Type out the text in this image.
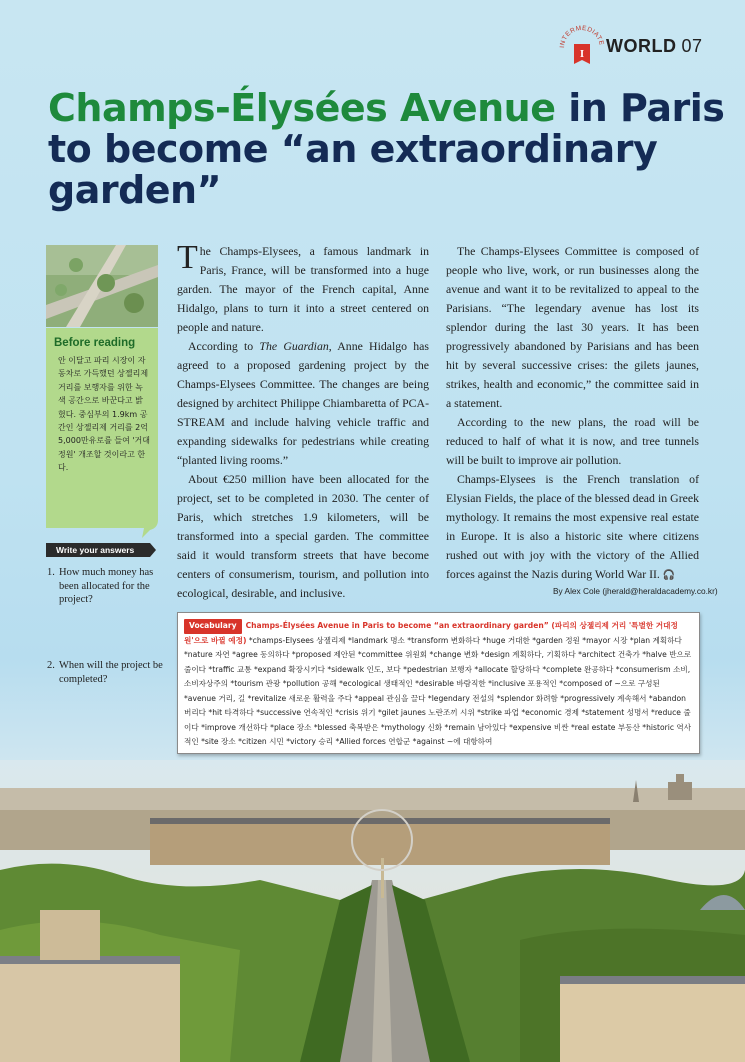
INTERMEDIATE
I WORLD 07
Champs-Élysées Avenue in Paris to become “an extraordinary garden”
Before reading
안 이달고 파리 시장이 자동차로 가득했던 상젤리제 거리를 보행자를 위한 녹색 공간으로 바꾼다고 밝혔다. 중심부의 1.9km 공간인 상젤리제 거리를 2억5,000만유로를 들여 '거대정원' 개조할 것이라고 한다.
Write your answers
1. How much money has been allocated for the project?
2. When will the project be completed?

The Champs-Elysees, a famous landmark in Paris, France, will be transformed into a huge garden. The mayor of the French capital, Anne Hidalgo, plans to turn it into a street centered on people and nature.

According to The Guardian, Anne Hidalgo has agreed to a proposed gardening project by the Champs-Elysees Committee. The changes are being designed by architect Philippe Chiambaretta of PCA-STREAM and include halving vehicle traffic and expanding sidewalks for pedestrians while creating “planted living rooms.”

About €250 million have been allocated for the project, set to be completed in 2030. The center of Paris, which stretches 1.9 kilometers, will be transformed into a special garden. The committee said it would transform streets that have become centers of consumerism, tourism, and pollution into ecological, desirable, and inclusive.

The Champs-Elysees Committee is composed of people who live, work, or run businesses along the avenue and want it to be revitalized to appeal to the Parisians. “The legendary avenue has lost its splendor during the last 30 years. It has been progressively abandoned by Parisians and has been hit by several successive crises: the gilets jaunes, strikes, health and economic,” the committee said in a statement.

According to the new plans, the road will be reduced to half of what it is now, and tree tunnels will be built to improve air pollution.

Champs-Elysees is the French translation of Elysian Fields, the place of the blessed dead in Greek mythology. It remains the most expensive real estate in Europe. It is also a historic site where citizens rushed out with joy with the victory of the Allied forces against the Nazis during World War II. 🎧

By Alex Cole (jherald@heraldacademy.co.kr)
Vocabulary Champs-Élysées Avenue in Paris to become “an extraordinary garden” (파리의 상젤리제 거리 '특별한 거대정원'으로 바뀔 예정) *champs-Elysees 상젤리제 *landmark 명소 *transform 변화하다 *huge 거대한 *garden 정원 *mayor 시장 *plan 계획하다 *nature 자연 *agree 동의하다 *proposed 제안된 *committee 위원회 *change 변화 *design 계획하다, 기획하다 *architect 건축가 *halve 반으로 줄이다 *traffic 교통 *expand 확장시키다 *sidewalk 인도, 보다 *pedestrian 보행자 *allocate 할당하다 *complete 완공하다 *consumerism 소비, 소비자상주의 *tourism 관광 *pollution 공해 *ecological 생태적인 *desirable 바람직한 *inclusive 포용적인 *composed of ~으로 구성된 *avenue 거리, 길 *revitalize 새로운 활력을 주다 *appeal 관심을 끌다 *legendary 전설의 *splendor 화려함 *progressively 계속해서 *abandon 버리다 *hit 타격하다 *successive 연속적인 *crisis 위기 *gilet jaunes 노란조끼 시위 *strike 파업 *economic 경제 *statement 성명서 *reduce 줄이다 *improve 개선하다 *place 장소 *blessed 축복받은 *mythology 신화 *remain 남아있다 *expensive 비싼 *real estate 부동산 *historic 역사적인 *site 장소 *citizen 시민 *victory 승리 *Allied forces 연합군 *against ~에 대항하여
